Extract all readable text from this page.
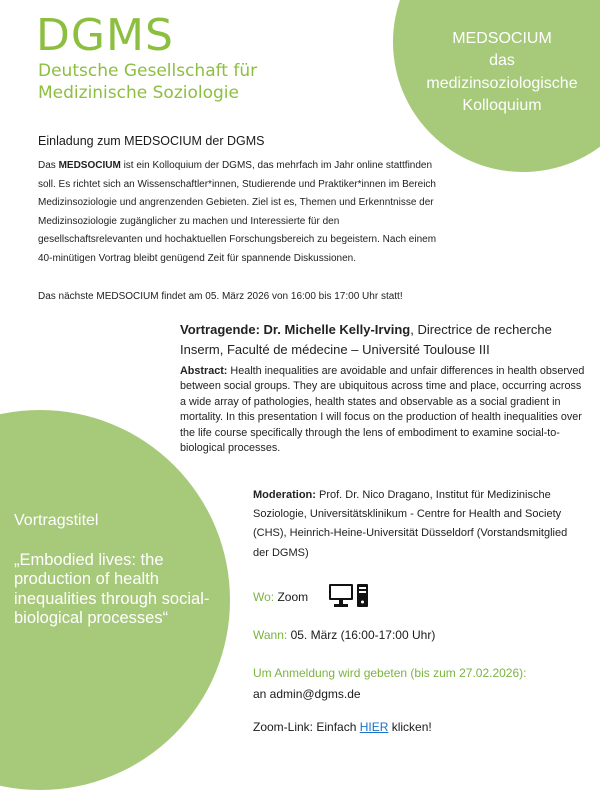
DGMS
Deutsche Gesellschaft für
Medizinische Soziologie
MEDSOCIUM
das
medizinsoziologische
Kolloquium
Einladung zum MEDSOCIUM der DGMS
Das MEDSOCIUM ist ein Kolloquium der DGMS, das mehrfach im Jahr online stattfinden soll. Es richtet sich an Wissenschaftler*innen, Studierende und Praktiker*innen im Bereich Medizinsoziologie und angrenzenden Gebieten. Ziel ist es, Themen und Erkenntnisse der Medizinsoziologie zugänglicher zu machen und Interessierte für den gesellschaftsrelevanten und hochaktuellen Forschungsbereich zu begeistern. Nach einem 40-minütigen Vortrag bleibt genügend Zeit für spannende Diskussionen.
Das nächste MEDSOCIUM findet am 05. März 2026 von 16:00 bis 17:00 Uhr statt!
Vortragende: Dr. Michelle Kelly-Irving, Directrice de recherche Inserm, Faculté de médecine – Université Toulouse III
Abstract: Health inequalities are avoidable and unfair differences in health observed between social groups. They are ubiquitous across time and place, occurring across a wide array of pathologies, health states and observable as a social gradient in mortality. In this presentation I will focus on the production of health inequalities over the life course specifically through the lens of embodiment to examine social-to-biological processes.
Vortragstitel
„Embodied lives: the production of health inequalities through social-biological processes“
Moderation: Prof. Dr. Nico Dragano, Institut für Medizinische Soziologie, Universitätsklinikum - Centre for Health and Society (CHS), Heinrich-Heine-Universität Düsseldorf (Vorstandsmitglied der DGMS)
Wo: Zoom
Wann: 05. März (16:00-17:00 Uhr)
Um Anmeldung wird gebeten (bis zum 27.02.2026):
an admin@dgms.de
Zoom-Link: Einfach HIER klicken!
